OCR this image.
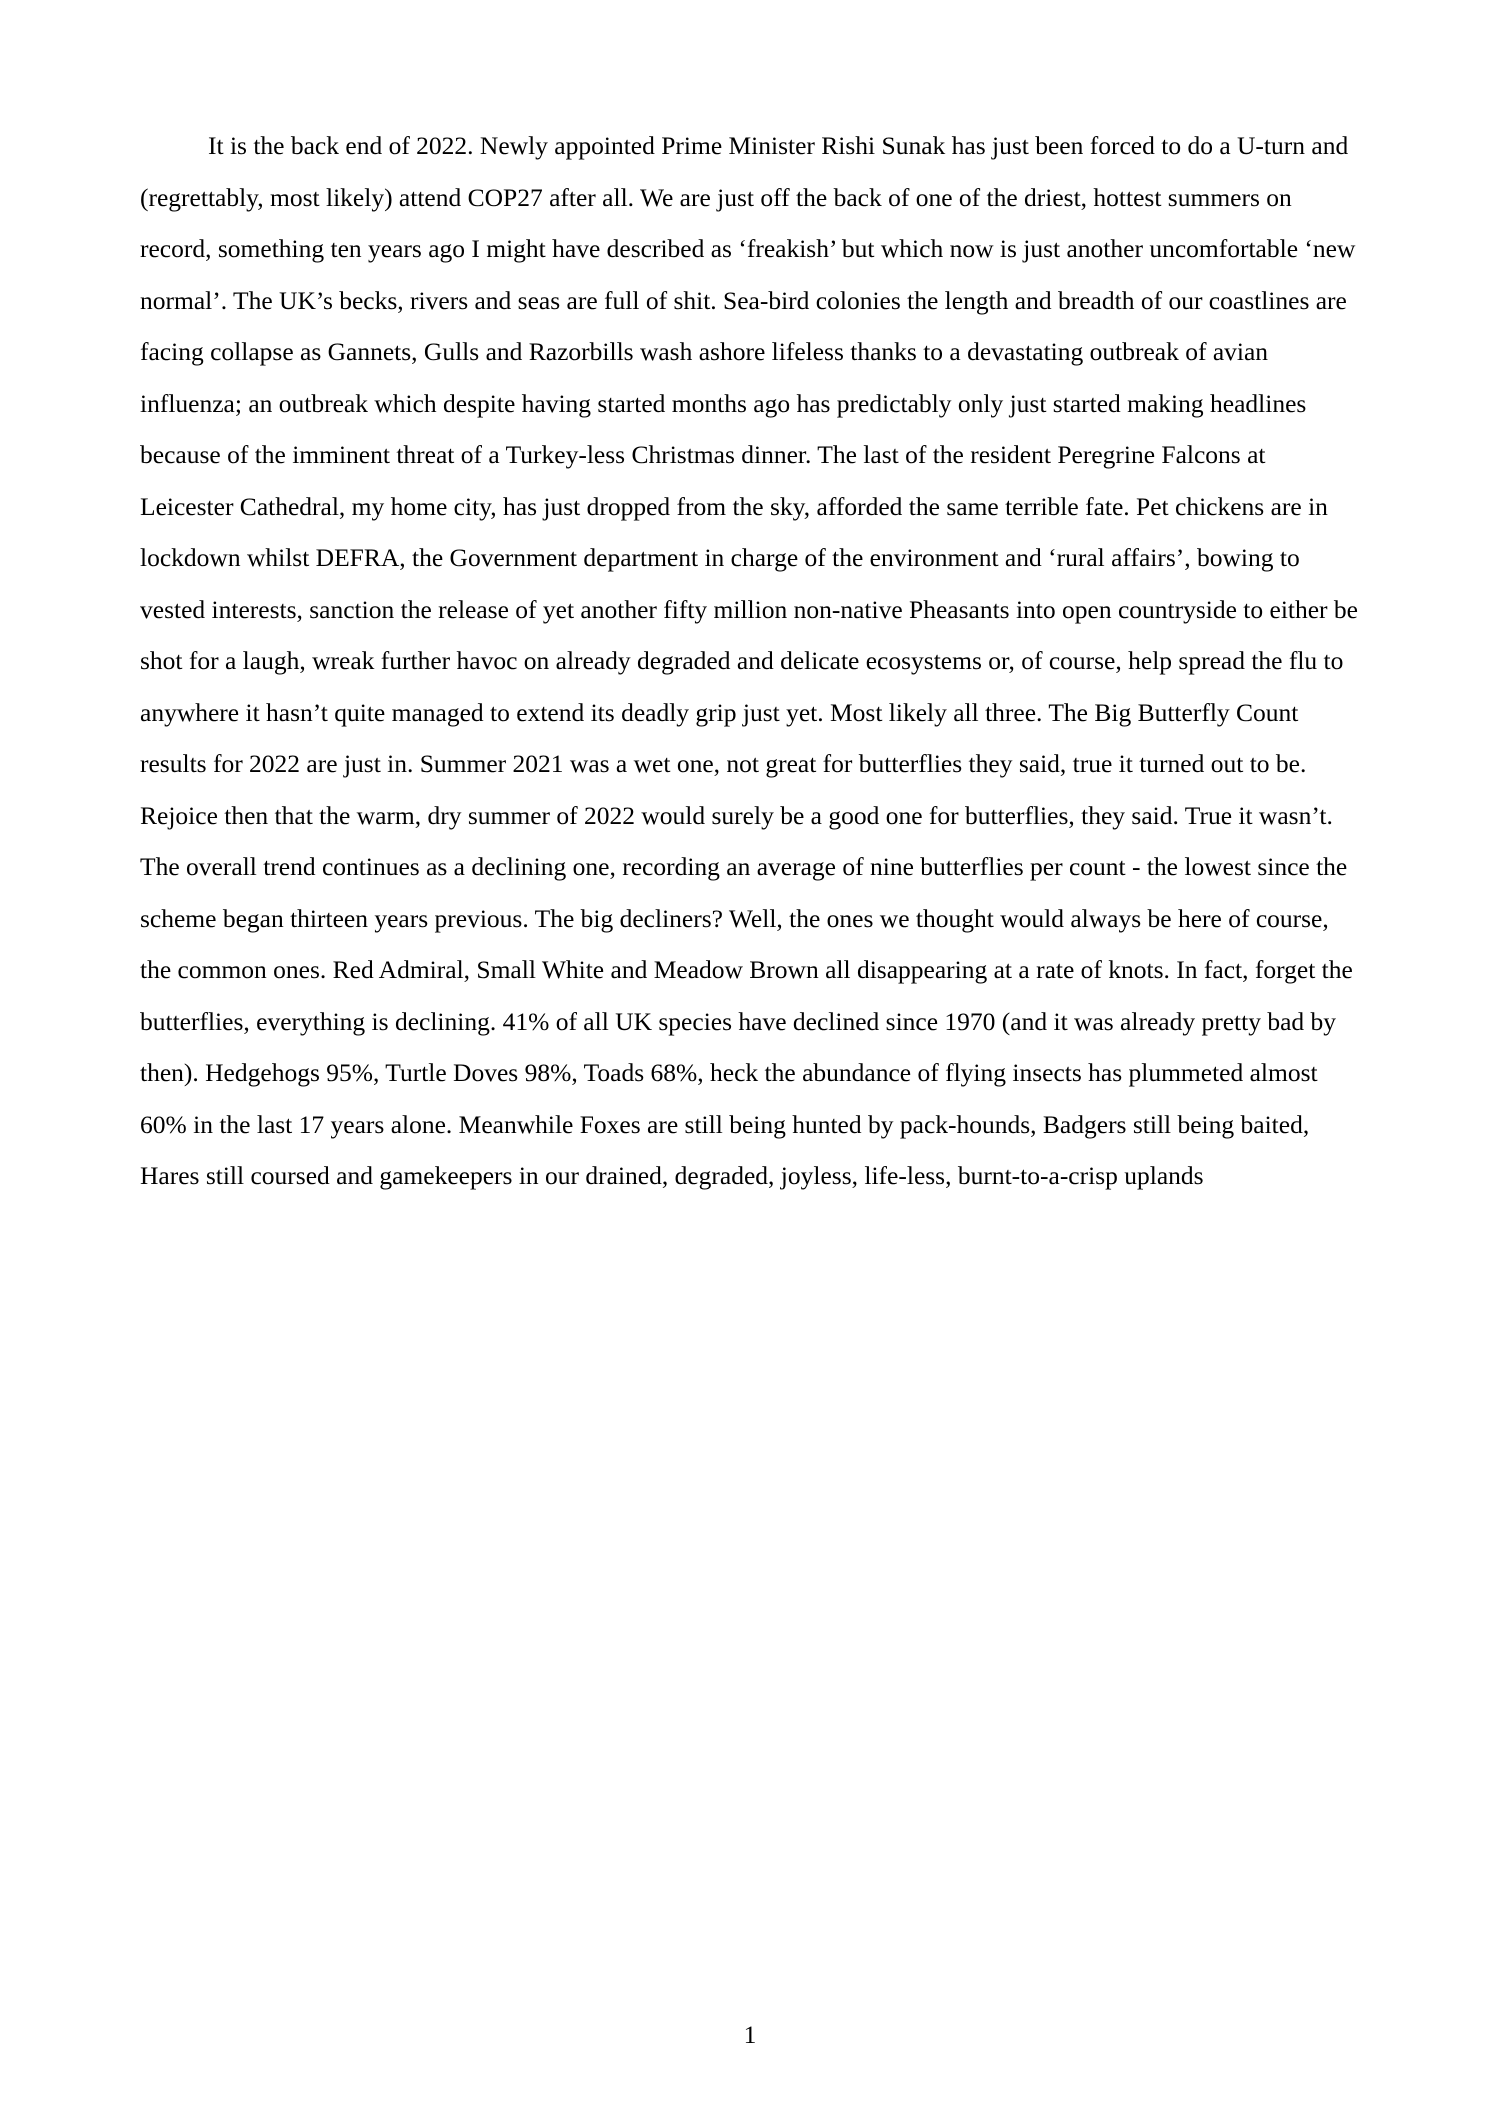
It is the back end of 2022. Newly appointed Prime Minister Rishi Sunak has just been forced to do a U-turn and (regrettably, most likely) attend COP27 after all. We are just off the back of one of the driest, hottest summers on record, something ten years ago I might have described as ‘freakish’ but which now is just another uncomfortable ‘new normal’. The UK’s becks, rivers and seas are full of shit. Sea-bird colonies the length and breadth of our coastlines are facing collapse as Gannets, Gulls and Razorbills wash ashore lifeless thanks to a devastating outbreak of avian influenza; an outbreak which despite having started months ago has predictably only just started making headlines because of the imminent threat of a Turkey-less Christmas dinner. The last of the resident Peregrine Falcons at Leicester Cathedral, my home city, has just dropped from the sky, afforded the same terrible fate. Pet chickens are in lockdown whilst DEFRA, the Government department in charge of the environment and ‘rural affairs’, bowing to vested interests, sanction the release of yet another fifty million non-native Pheasants into open countryside to either be shot for a laugh, wreak further havoc on already degraded and delicate ecosystems or, of course, help spread the flu to anywhere it hasn’t quite managed to extend its deadly grip just yet. Most likely all three. The Big Butterfly Count results for 2022 are just in. Summer 2021 was a wet one, not great for butterflies they said, true it turned out to be. Rejoice then that the warm, dry summer of 2022 would surely be a good one for butterflies, they said. True it wasn’t. The overall trend continues as a declining one, recording an average of nine butterflies per count - the lowest since the scheme began thirteen years previous. The big decliners? Well, the ones we thought would always be here of course, the common ones. Red Admiral, Small White and Meadow Brown all disappearing at a rate of knots. In fact, forget the butterflies, everything is declining. 41% of all UK species have declined since 1970 (and it was already pretty bad by then). Hedgehogs 95%, Turtle Doves 98%, Toads 68%, heck the abundance of flying insects has plummeted almost 60% in the last 17 years alone. Meanwhile Foxes are still being hunted by pack-hounds, Badgers still being baited, Hares still coursed and gamekeepers in our drained, degraded, joyless, life-less, burnt-to-a-crisp uplands

1
